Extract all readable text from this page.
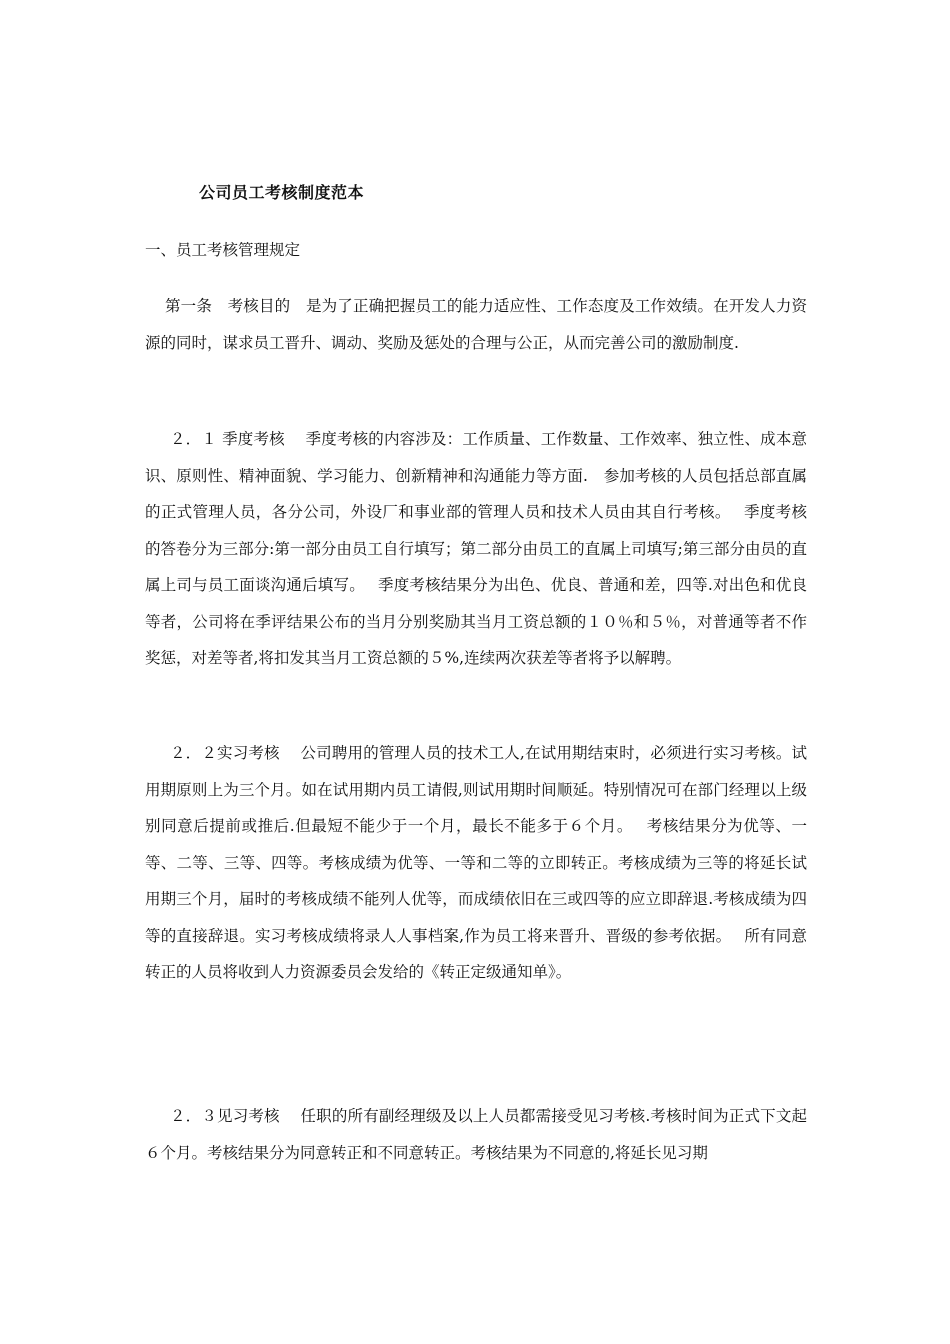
公司员工考核制度范本
一、员工考核管理规定
第一条　考核目的　是为了正确把握员工的能力适应性、工作态度及工作效绩。在开发人力资源的同时，谋求员工晋升、调动、奖励及惩处的合理与公正，从而完善公司的激励制度.
２．１ 季度考核　 季度考核的内容涉及：工作质量、工作数量、工作效率、独立性、成本意识、原则性、精神面貌、学习能力、创新精神和沟通能力等方面.　参加考核的人员包括总部直属的正式管理人员，各分公司，外设厂和事业部的管理人员和技术人员由其自行考核。　 季度考核的答卷分为三部分:第一部分由员工自行填写；第二部分由员工的直属上司填写;第三部分由员的直属上司与员工面谈沟通后填写。　 季度考核结果分为出色、优良、普通和差，四等.对出色和优良等者，公司将在季评结果公布的当月分别奖励其当月工资总额的１０％和５％，对普通等者不作奖惩，对差等者,将扣发其当月工资总额的５%,连续两次获差等者将予以解聘。
２．２实习考核　 公司聘用的管理人员的技术工人,在试用期结束时，必须进行实习考核。试用期原则上为三个月。如在试用期内员工请假,则试用期时间顺延。特别情况可在部门经理以上级别同意后提前或推后.但最短不能少于一个月，最长不能多于６个月。　 考核结果分为优等、一等、二等、三等、四等。考核成绩为优等、一等和二等的立即转正。考核成绩为三等的将延长试用期三个月，届时的考核成绩不能列人优等，而成绩依旧在三或四等的应立即辞退.考核成绩为四等的直接辞退。实习考核成绩将录人人事档案,作为员工将来晋升、晋级的参考依据。　 所有同意转正的人员将收到人力资源委员会发给的《转正定级通知单》。
２．３见习考核　 任职的所有副经理级及以上人员都需接受见习考核.考核时间为正式下文起６个月。考核结果分为同意转正和不同意转正。考核结果为不同意的,将延长见习期
